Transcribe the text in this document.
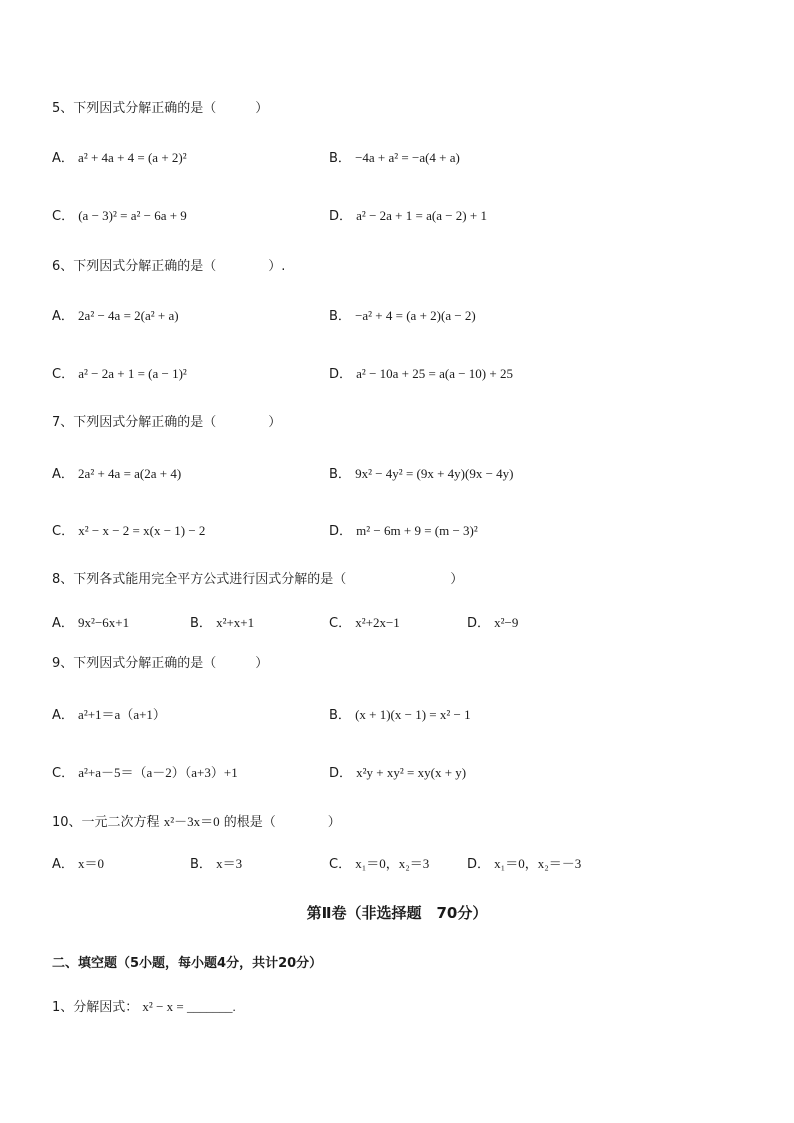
5、下列因式分解正确的是（　　　）
A． a² + 4a + 4 = (a + 2)²	B． −4a + a² = −a(4 + a)
C． (a − 3)² = a² − 6a + 9	D． a² − 2a + 1 = a(a − 2) + 1
6、下列因式分解正确的是（　　　　）.
A． 2a² − 4a = 2(a² + a)	B． −a² + 4 = (a + 2)(a − 2)
C． a² − 2a + 1 = (a − 1)²	D． a² − 10a + 25 = a(a − 10) + 25
7、下列因式分解正确的是（　　　　）
A． 2a² + 4a = a(2a + 4)	B． 9x² − 4y² = (9x + 4y)(9x − 4y)
C． x² − x − 2 = x(x − 1) − 2	D． m² − 6m + 9 = (m − 3)²
8、下列各式能用完全平方公式进行因式分解的是（　　　　　　　　）
A． 9x²−6x+1	B． x²+x+1	C． x²+2x−1	D． x²−9
9、下列因式分解正确的是（　　　）
A． a²+1＝a（a+1）	B． (x + 1)(x − 1) = x² − 1
C． a²+a－5＝（a－2）（a+3）+1	D． x²y + xy² = xy(x + y)
10、一元二次方程 x²－3x＝0 的根是（　　　　）
A． x＝0	B． x＝3	C． x₁＝0，x₂＝3	D． x₁＝0，x₂＝－3
第Ⅱ卷（非选择题　70分）
二、填空题（5小题，每小题4分，共计20分）
1、分解因式： x² − x = _______.
